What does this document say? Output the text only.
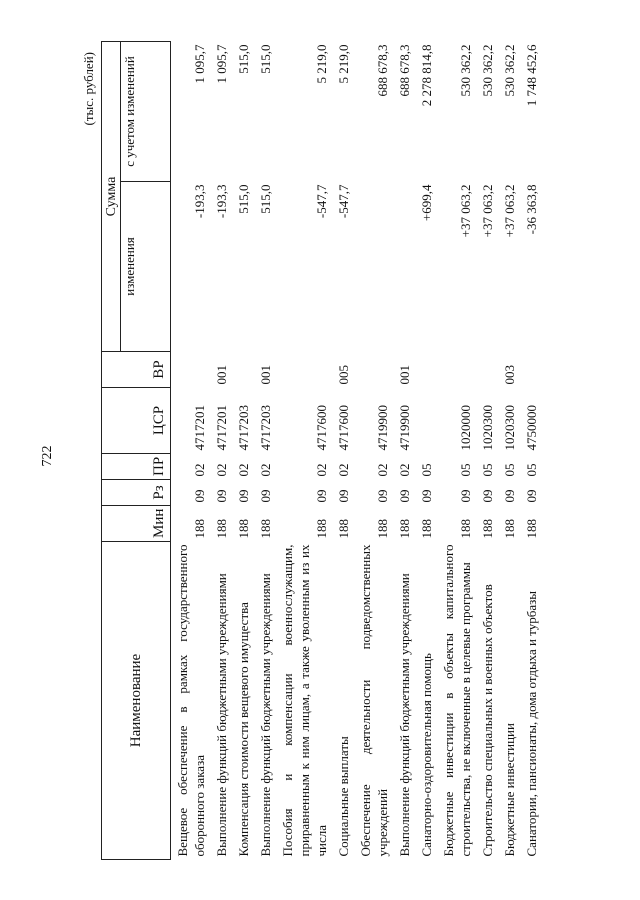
722
(тыс. рублей)
Наименование	Мин	Рз	ПР	ЦСР	ВР	Сумма	
						изменения	с учетом изменений
Вещевое обеспечение в рамках государственного оборонного заказа	188	09	02	4717201		-193,3	1 095,7
Выполнение функций бюджетными учреждениями	188	09	02	4717201	001	-193,3	1 095,7
Компенсация стоимости вещевого имущества	188	09	02	4717203		515,0	515,0
Выполнение функций бюджетными учреждениями	188	09	02	4717203	001	515,0	515,0
Пособия и компенсации военнослужащим, приравненным к ним лицам, а также уволенным из их числа	188	09	02	4717600		-547,7	5 219,0
Социальные выплаты	188	09	02	4717600	005	-547,7	5 219,0
Обеспечение деятельности подведомственных учреждений	188	09	02	4719900			688 678,3
Выполнение функций бюджетными учреждениями	188	09	02	4719900	001		688 678,3
Санаторно-оздоровительная помощь	188	09	05			+699,4	2 278 814,8
Бюджетные инвестиции в объекты капитального строительства, не включенные в целевые программы	188	09	05	1020000		+37 063,2	530 362,2
Строительство специальных и военных объектов	188	09	05	1020300		+37 063,2	530 362,2
Бюджетные инвестиции	188	09	05	1020300	003	+37 063,2	530 362,2
Санатории, пансионаты, дома отдыха и турбазы	188	09	05	4750000		-36 363,8	1 748 452,6
